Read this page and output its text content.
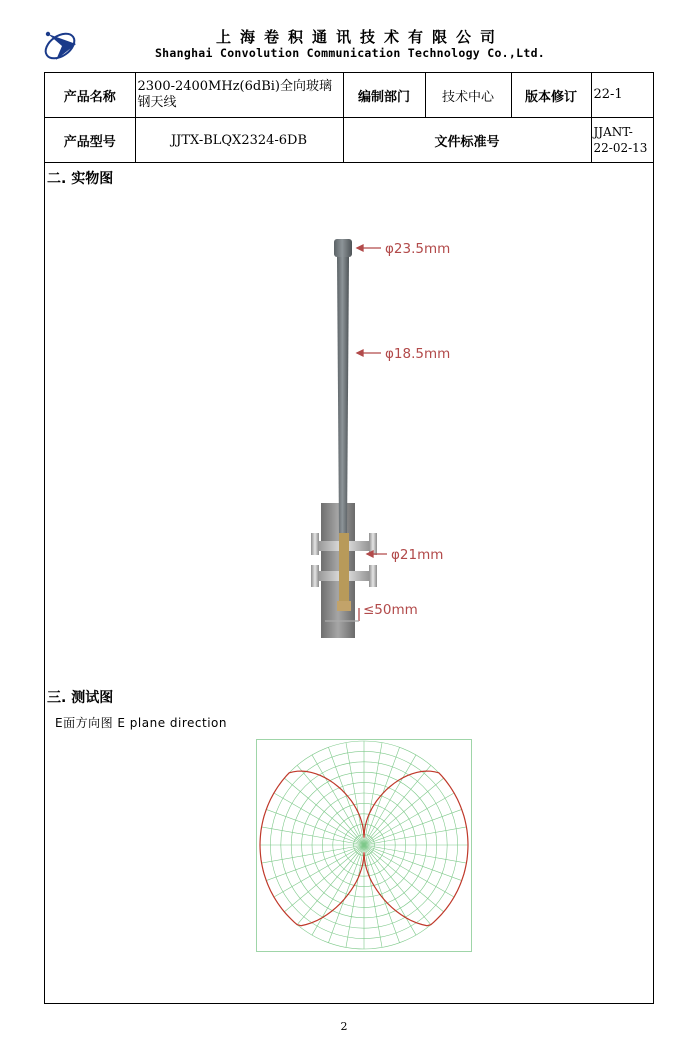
上海卷积通讯技术有限公司
Shanghai Convolution Communication Technology Co.,Ltd.
产品名称	2300-2400MHz(6dBi)全向玻璃钢天线	编制部门	技术中心	版本修订	22-1
产品型号	JJTX-BLQX2324-6DB	文件标准号			JJANT-22-02-13
二. 实物图
φ23.5mm
φ18.5mm
φ21mm
≤50mm
三. 测试图
E面方向图 E plane direction
2
